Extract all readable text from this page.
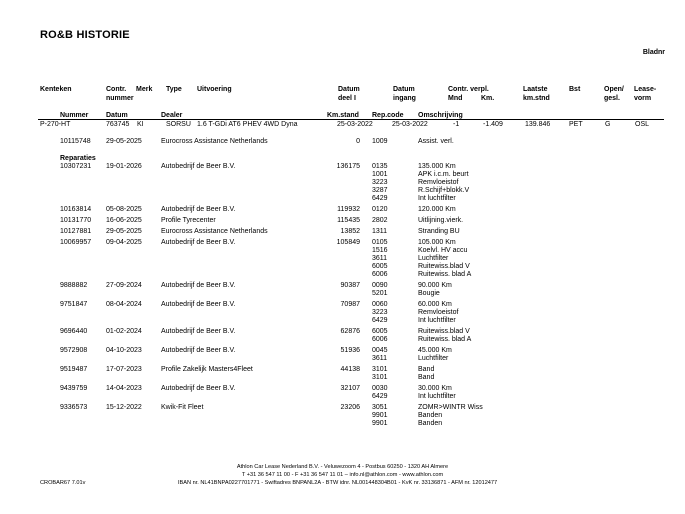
RO&B HISTORIE
Bladnr
Kenteken	Contr.
nummer
Merk Type Uitvoering	Datum
deel I
Datum
ingang
Contr. verpl.
Mnd	Km.
Laatste
km.stnd
Bst	Open/
gesl.
Lease-
vorm
Nummer	Datum	Dealer	Km.stand Rep.code Omschrijving
P-270-HT	763745 KI	SORSU 1.6 T-GDi AT6 PHEV 4WD Dyna	25-03-2022	25-03-2022	-1	-1.409	139.846	PET	G	OSL
10115748 29-05-2025	Eurocross Assistance Netherlands	0 1009	Assist. verl.
Reparaties
10307231 19-01-2026	Autobedrijf de Beer B.V.	136175 0135	135.000 Km
1001	APK i.c.m. beurt
3223	Remvloeistof
3287	R.Schijf+blokk.V
6429	Int luchtfilter
10163814 05-08-2025	Autobedrijf de Beer B.V.	119932 0120	120.000 Km
10131770 16-06-2025	Profile Tyrecenter	115435 2802	Uitlijning.vierk.
10127881 29-05-2025	Eurocross Assistance Netherlands	13852 1311	Stranding BU
10069957 09-04-2025	Autobedrijf de Beer B.V.	105849 0105	105.000 Km
1516	Koelvl. HV accu
3611	Luchtfilter
6005	Ruitewiss.blad V
6006	Ruitewiss. blad A
9888882	27-09-2024	Autobedrijf de Beer B.V.	90387 0090	90.000 Km
5201	Bougie
9751847	08-04-2024	Autobedrijf de Beer B.V.	70987 0060	60.000 Km
3223	Remvloeistof
6429	Int luchtfilter
9696440	01-02-2024	Autobedrijf de Beer B.V.	62876 6005	Ruitewiss.blad V
6006	Ruitewiss. blad A
9572908	04-10-2023	Autobedrijf de Beer B.V.	51936 0045	45.000 Km
3611	Luchtfilter
9519487	17-07-2023	Profile Zakelijk Masters4Fleet	44138 3101	Band
3101	Band
9439759	14-04-2023	Autobedrijf de Beer B.V.	32107 0030	30.000 Km
6429	Int luchtfilter
9336573	15-12-2022	Kwik-Fit Fleet	23206 3051	ZOMR>WINTR Wiss
9901	Banden
9901	Banden
Athlon Car Lease Nederland B.V. - Veluwezoom 4 - Postbus 60250 - 1320 AH Almere
T +31 36 547 11 00 - F +31 36 547 11 01 – info.nl@athlon.com - www.athlon.com
CROBAR67 7.01v	IBAN nr. NL41BNPA0227701771 - Swiftadres BNPANL2A - BTW idnr. NL001448304B01 - KvK nr. 33136871 - AFM nr. 12012477
